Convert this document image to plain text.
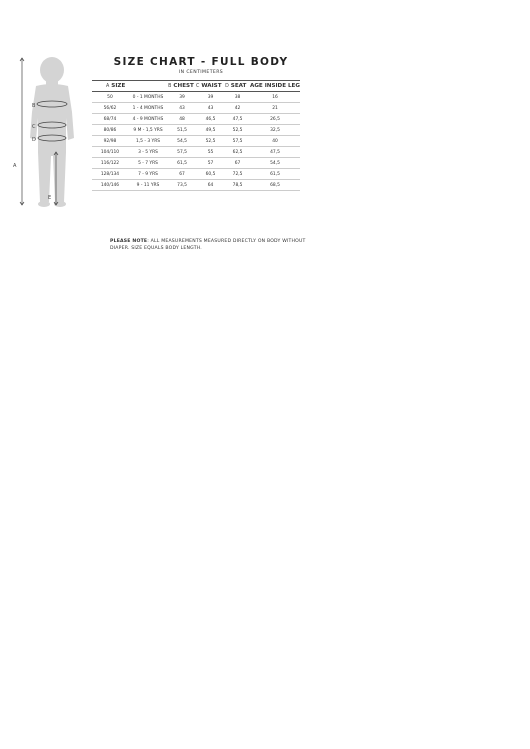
A
B
C
D
E
SIZE CHART - FULL BODY
IN CENTIMETERS
A SIZE		B CHEST	C WAIST	D SEAT	AGE INSIDE LEG
50	0 - 1 MONTHS	39	39	38	16
56/62	1 - 4 MONTHS	43	43	42	21
68/74	4 - 9 MONTHS	48	46,5	47,5	26,5
80/86	9 M - 1,5 YRS	51,5	49,5	52,5	32,5
92/98	1,5 - 3 YRS	54,5	52,5	57,5	40
104/110	3 - 5 YRS	57,5	55	62,5	47,5
116/122	5 - 7 YRS	61,5	57	67	54,5
128/134	7 - 9 YRS	67	60,5	72,5	61,5
140/146	9 - 11 YRS	73,5	64	78,5	68,5
PLEASE NOTE: ALL MEASUREMENTS MEASURED DIRECTLY ON BODY WITHOUT DIAPER. SIZE EQUALS BODY LENGTH.
